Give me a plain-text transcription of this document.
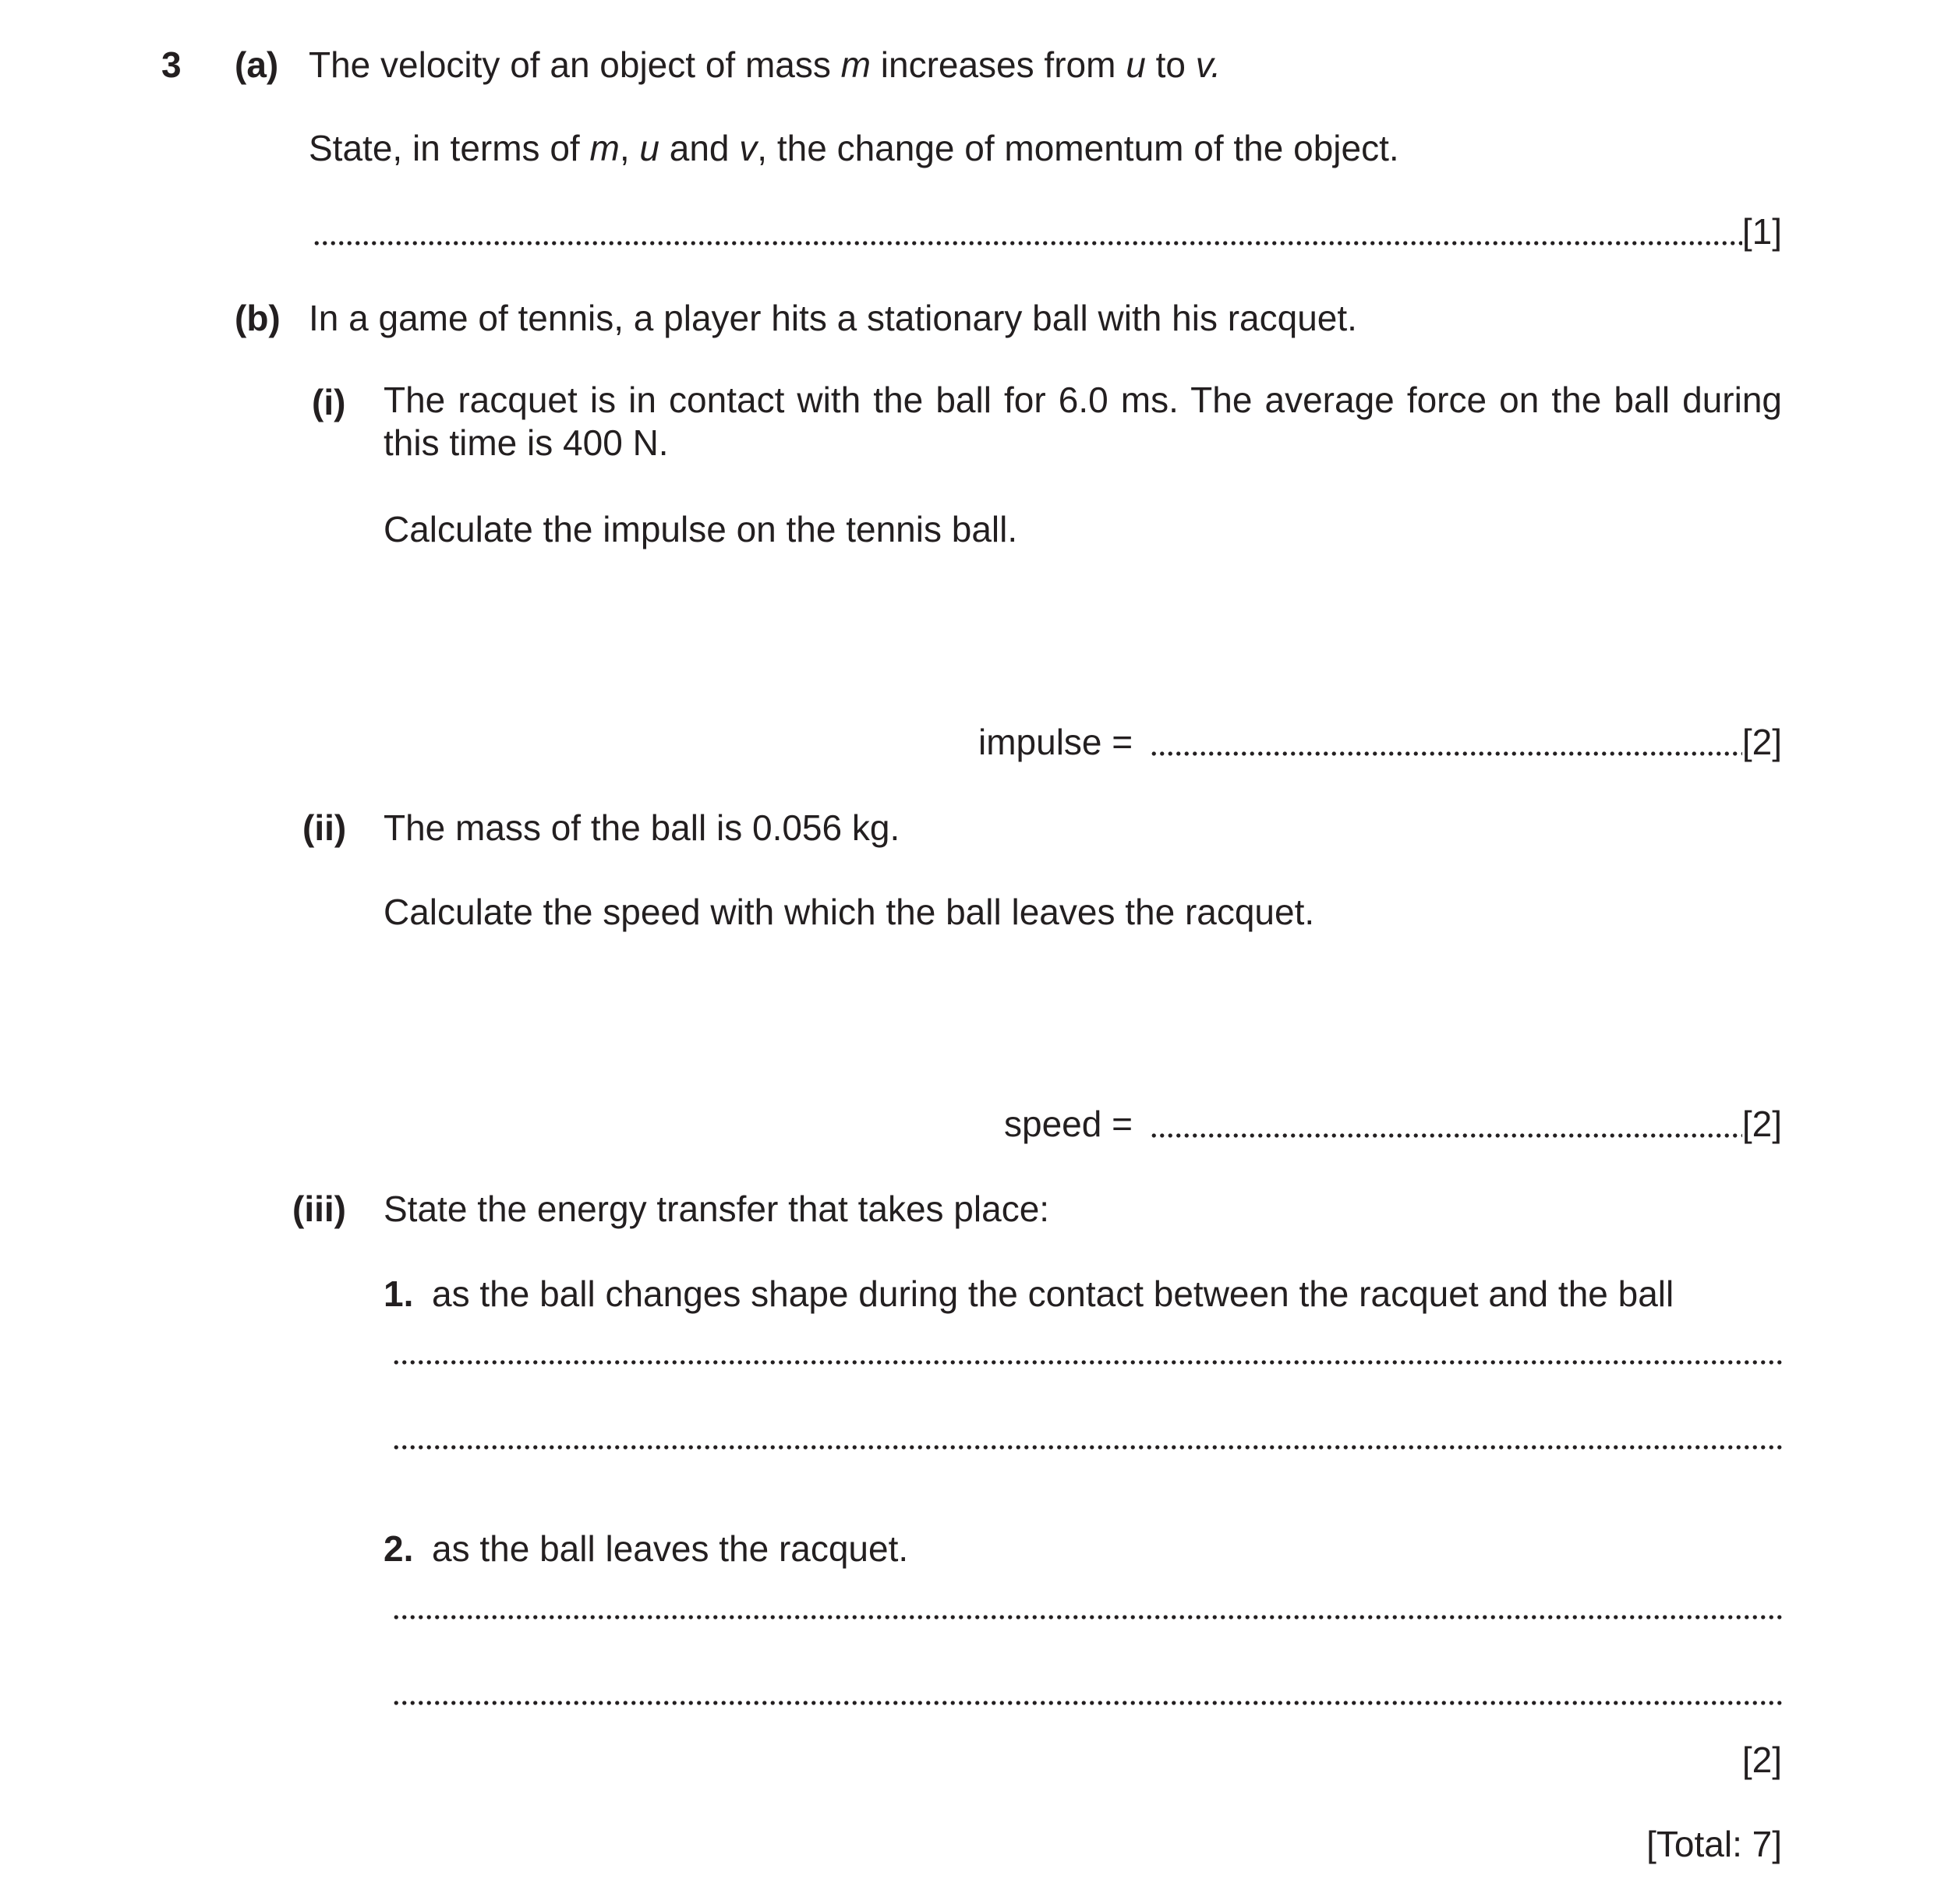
3 (a) The velocity of an object of mass m increases from u to v.
State, in terms of m, u and v, the change of momentum of the object.
[1]
(b) In a game of tennis, a player hits a stationary ball with his racquet.
(i) The racquet is in contact with the ball for 6.0 ms. The average force on the ball during this time is 400 N.
Calculate the impulse on the tennis ball.
impulse =	[2]
(ii) The mass of the ball is 0.056 kg.
Calculate the speed with which the ball leaves the racquet.
speed =	[2]
(iii) State the energy transfer that takes place:
1. as the ball changes shape during the contact between the racquet and the ball
2. as the ball leaves the racquet.
[2]
[Total: 7]
